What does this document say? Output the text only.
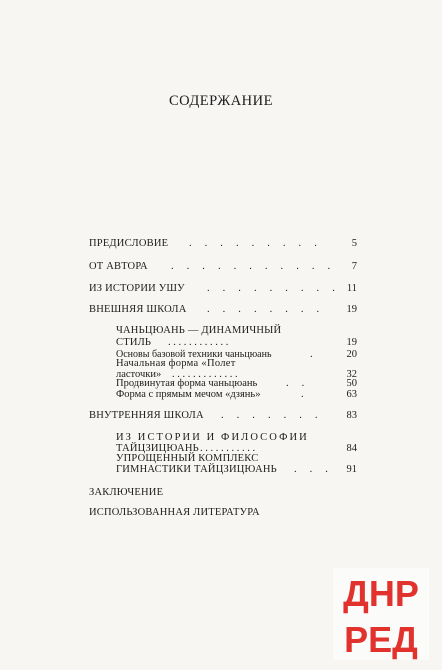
СОДЕРЖАНИЕ
ПРЕДИСЛОВИЕ . . . . . . . . .	5
ОТ АВТОРА . . . . . . . . . . .	7
ИЗ ИСТОРИИ УШУ . . . . . . . . . 11
ВНЕШНЯЯ ШКОЛА . . . . . . . .	19
ЧАНЬЦЮАНЬ — ДИНАМИЧНЫЙ
СТИЛЬ . . . . . . . . . . . .	19
Основы базовой техники чаньцюань	.	20
Начальная форма «Полет
ласточки» . . . . . . . . . . . . .	32
Продвинутая форма чаньцюань	. .	50
Форма с прямым мечом «дзянь»	.	63
ВНУТРЕННЯЯ ШКОЛА . . . . . . .	83
ИЗ ИСТОРИИ И ФИЛОСОФИИ
ТАЙЦЗИЦЮАНЬ . . . . . . . . . . .	84
УПРОЩЕННЫЙ КОМПЛЕКС
ГИМНАСТИКИ ТАЙЦЗИЦЮАНЬ . . .	91
ЗАКЛЮЧЕНИЕ
ИСПОЛЬЗОВАННАЯ ЛИТЕРАТУРА
ДНР
РЕД
